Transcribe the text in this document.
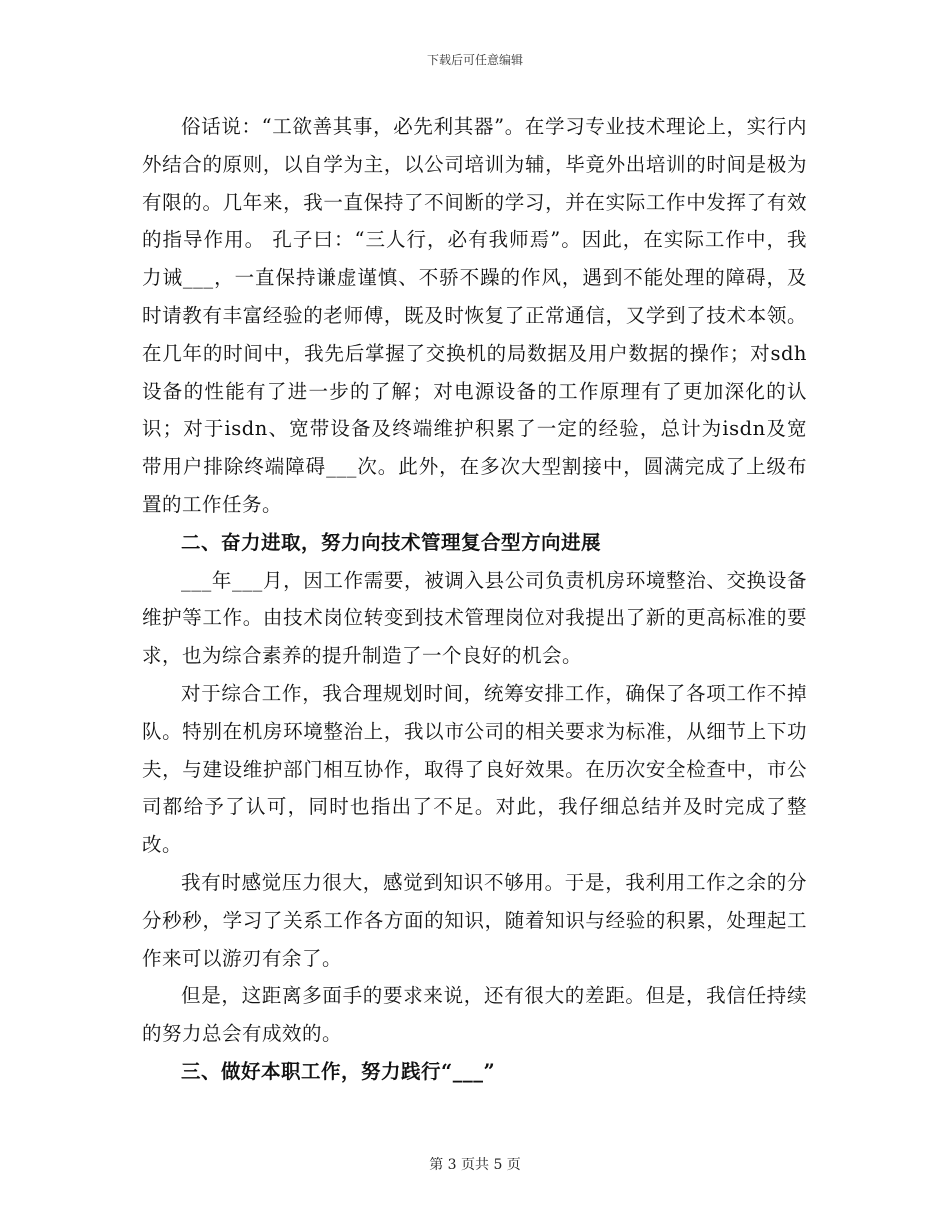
下载后可任意编辑

俗话说：“工欲善其事，必先利其器”。在学习专业技术理论上，实行内外结合的原则，以自学为主，以公司培训为辅，毕竟外出培训的时间是极为有限的。几年来，我一直保持了不间断的学习，并在实际工作中发挥了有效的指导作用。 孔子曰：“三人行，必有我师焉”。因此，在实际工作中，我力诫___，一直保持谦虚谨慎、不骄不躁的作风，遇到不能处理的障碍，及时请教有丰富经验的老师傅，既及时恢复了正常通信，又学到了技术本领。在几年的时间中，我先后掌握了交换机的局数据及用户数据的操作；对sdh设备的性能有了进一步的了解；对电源设备的工作原理有了更加深化的认识；对于isdn、宽带设备及终端维护积累了一定的经验，总计为isdn及宽带用户排除终端障碍___次。此外，在多次大型割接中，圆满完成了上级布置的工作任务。

二、奋力进取，努力向技术管理复合型方向进展

___年___月，因工作需要，被调入县公司负责机房环境整治、交换设备维护等工作。由技术岗位转变到技术管理岗位对我提出了新的更高标准的要求，也为综合素养的提升制造了一个良好的机会。

对于综合工作，我合理规划时间，统筹安排工作，确保了各项工作不掉队。特别在机房环境整治上，我以市公司的相关要求为标准，从细节上下功夫，与建设维护部门相互协作，取得了良好效果。在历次安全检查中，市公司都给予了认可，同时也指出了不足。对此，我仔细总结并及时完成了整改。

我有时感觉压力很大，感觉到知识不够用。于是，我利用工作之余的分分秒秒，学习了关系工作各方面的知识，随着知识与经验的积累，处理起工作来可以游刃有余了。

但是，这距离多面手的要求来说，还有很大的差距。但是，我信任持续的努力总会有成效的。

三、做好本职工作，努力践行“___”

第 3 页共 5 页
